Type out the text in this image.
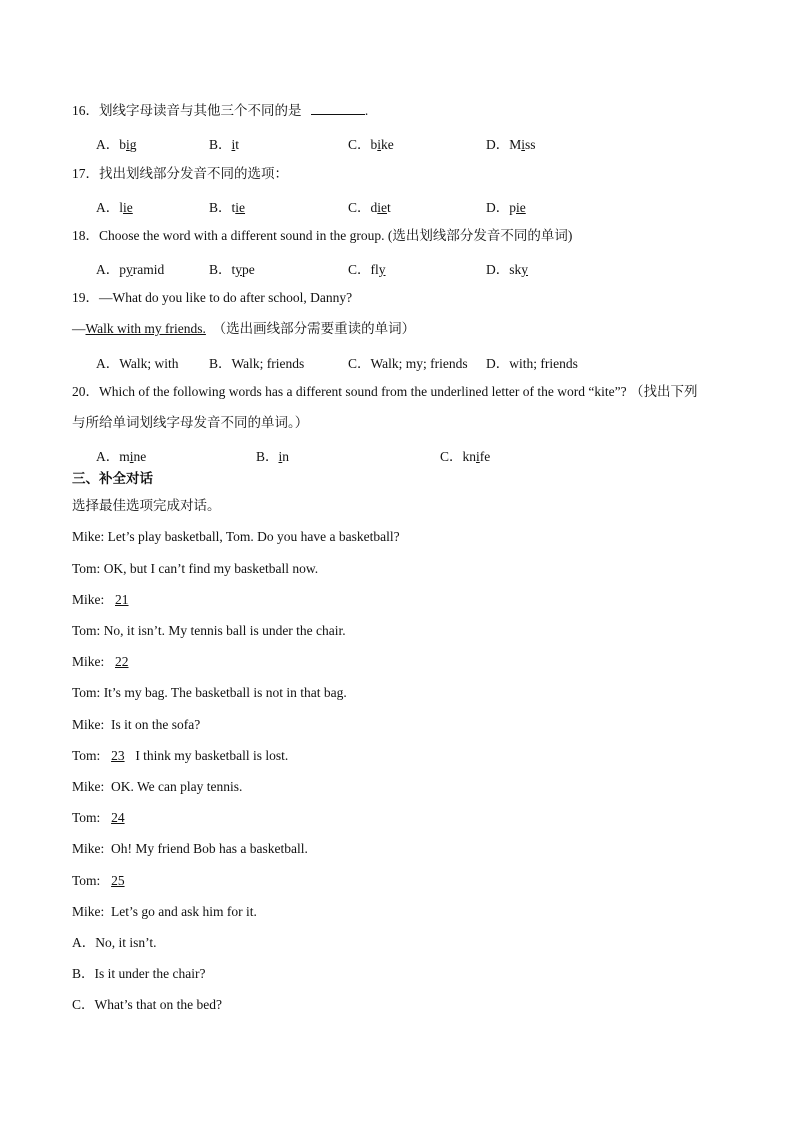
16．划线字母读音与其他三个不同的是	.
A．big	B．it	C．bike	D．Miss
17．找出划线部分发音不同的选项：
A．lie	B．tie	C．diet	D．pie
18．Choose the word with a different sound in the group. (选出划线部分发音不同的单词)
A．pyramid	B．type	C．fly	D．sky
19．—What do you like to do after school, Danny?
—Walk with my friends. （选出画线部分需要重读的单词）
A．Walk; with B．Walk; friends	C．Walk; my; friends D．with; friends
20．Which of the following words has a different sound from the underlined letter of the word “kite”? （找出下列
与所给单词划线字母发音不同的单词。）
A．mine	B．in	C．knife
三、补全对话
选择最佳选项完成对话。
Mike: Let’s play basketball, Tom. Do you have a basketball?
Tom: OK, but I can’t find my basketball now.
Mike: 21
Tom: No, it isn’t. My tennis ball is under the chair.
Mike: 22
Tom: It’s my bag. The basketball is not in that bag.
Mike: Is it on the sofa?
Tom: 23 I think my basketball is lost.
Mike: OK. We can play tennis.
Tom: 24
Mike: Oh! My friend Bob has a basketball.
Tom: 25
Mike: Let’s go and ask him for it.
A．No, it isn’t.
B．Is it under the chair?
C．What’s that on the bed?
